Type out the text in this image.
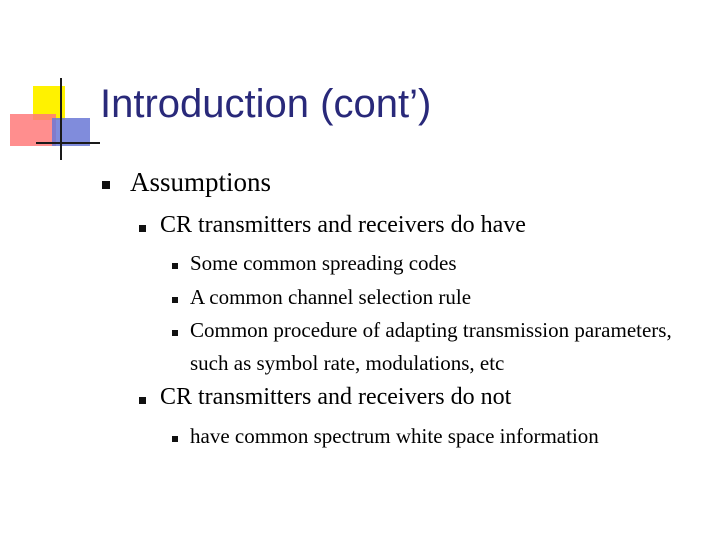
Introduction (cont’)
Assumptions
CR transmitters and receivers do have
Some common spreading codes
A common channel selection rule
Common procedure of adapting transmission parameters, such as symbol rate, modulations, etc
CR transmitters and receivers do not
have common spectrum white space information
